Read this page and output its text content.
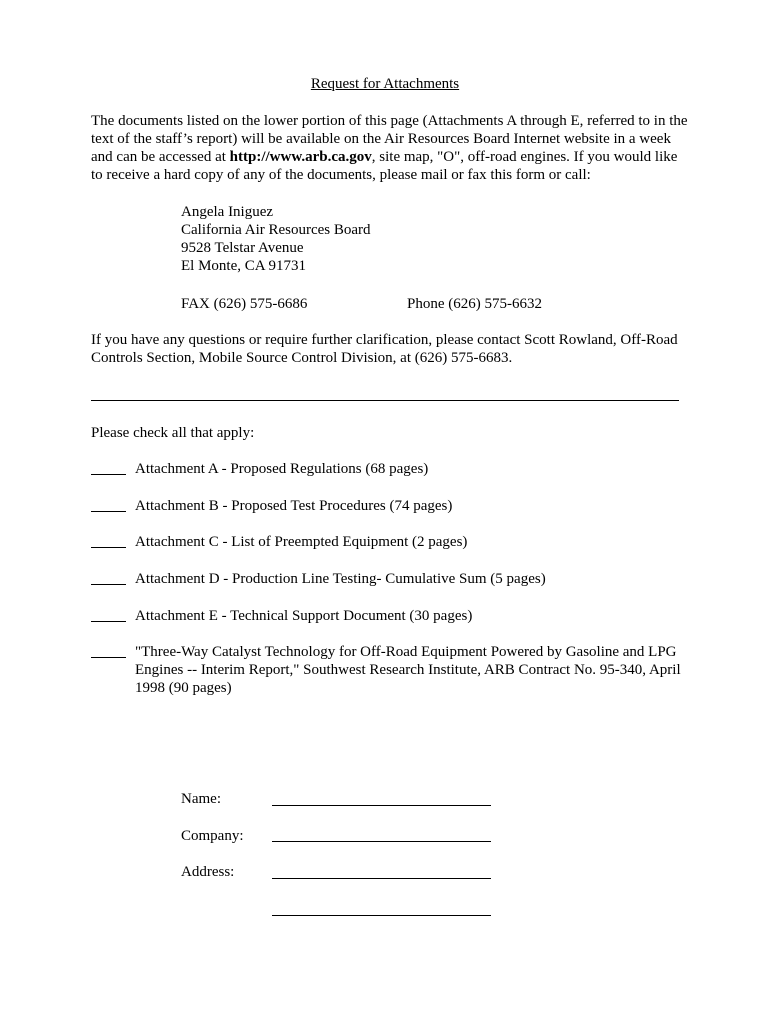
Request for Attachments

The documents listed on the lower portion of this page (Attachments A through E, referred to in the text of the staff’s report) will be available on the Air Resources Board Internet website in a week and can be accessed at http://www.arb.ca.gov, site map, "O", off-road engines. If you would like to receive a hard copy of any of the documents, please mail or fax this form or call:

Angela Iniguez
California Air Resources Board
9528 Telstar Avenue
El Monte, CA 91731
FAX (626) 575-6686	Phone (626) 575-6632

If you have any questions or require further clarification, please contact Scott Rowland, Off-Road Controls Section, Mobile Source Control Division, at (626) 575-6683.

Please check all that apply:
Attachment A - Proposed Regulations (68 pages)
Attachment B - Proposed Test Procedures (74 pages)
Attachment C - List of Preempted Equipment (2 pages)
Attachment D - Production Line Testing- Cumulative Sum (5 pages)
Attachment E - Technical Support Document (30 pages)
"Three-Way Catalyst Technology for Off-Road Equipment Powered by Gasoline and LPG Engines -- Interim Report," Southwest Research Institute, ARB Contract No. 95-340, April 1998 (90 pages)
Name:
Company:
Address:
